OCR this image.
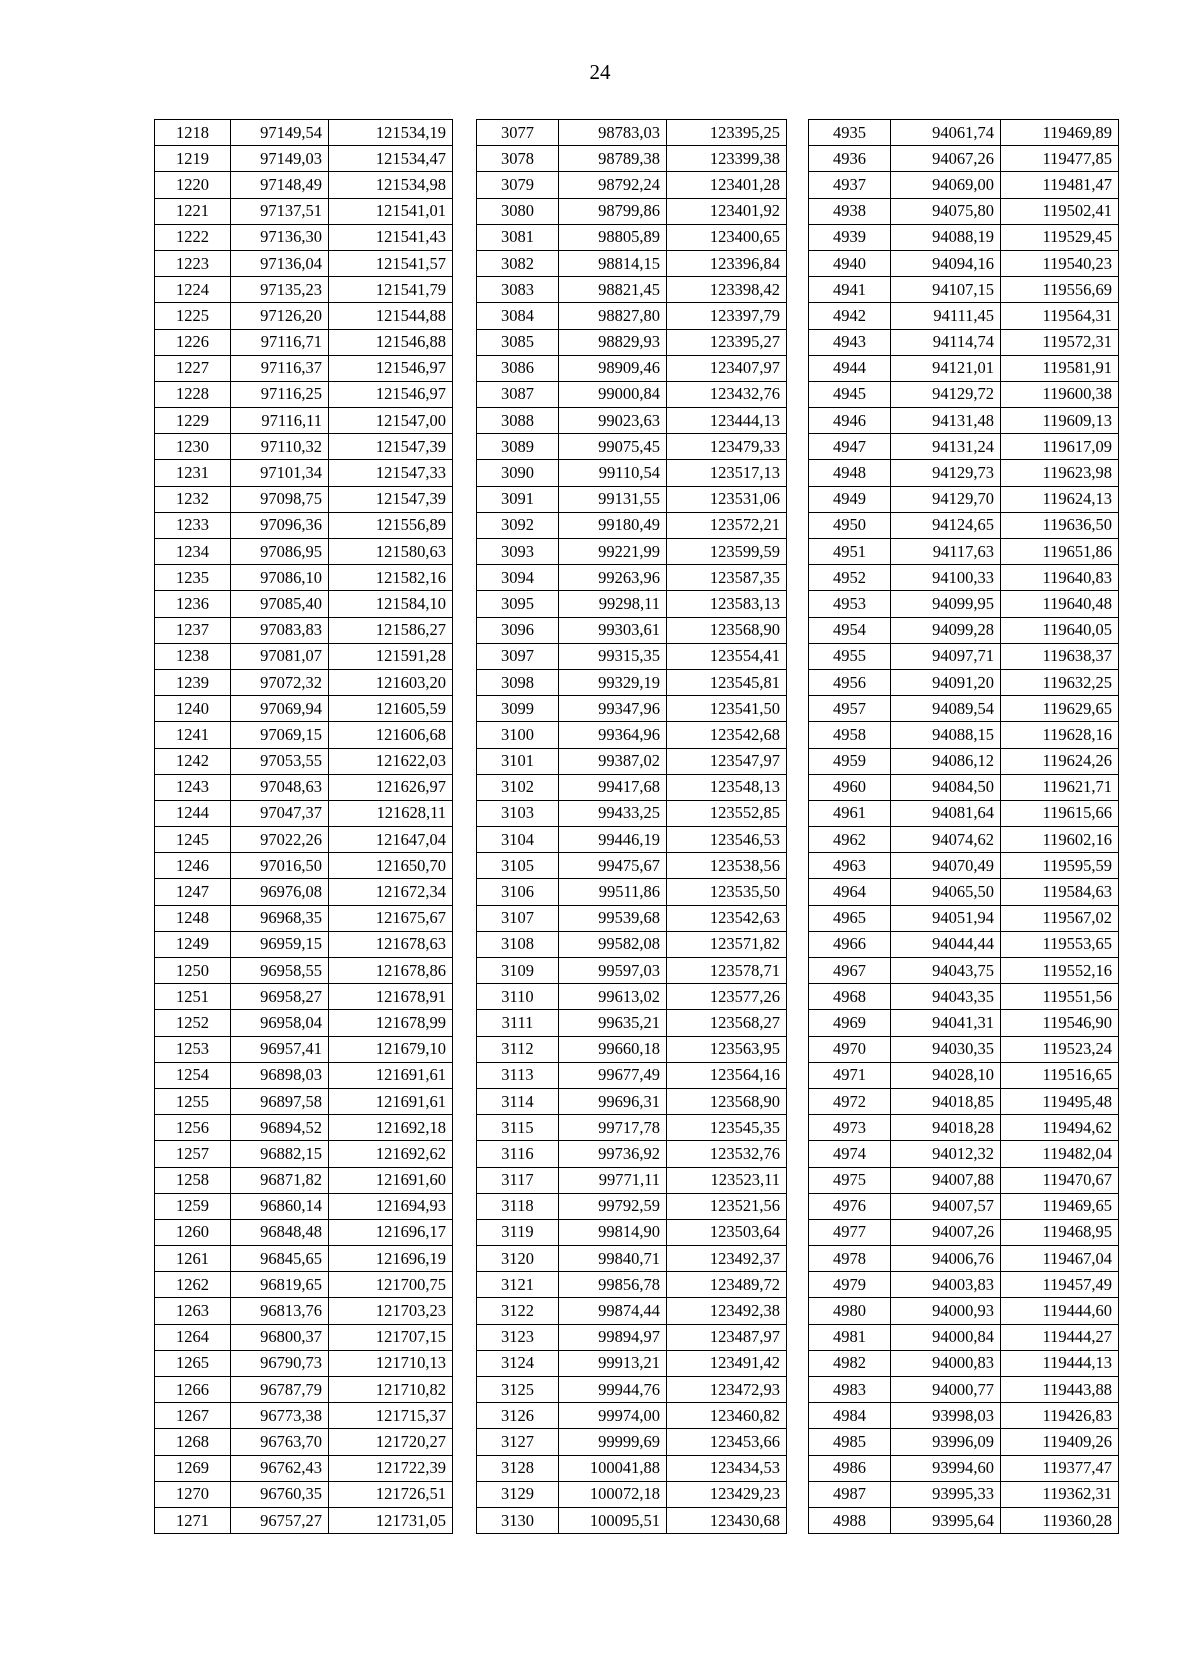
24
1218	97149,54	121534,19
1219	97149,03	121534,47
1220	97148,49	121534,98
1221	97137,51	121541,01
1222	97136,30	121541,43
1223	97136,04	121541,57
1224	97135,23	121541,79
1225	97126,20	121544,88
1226	97116,71	121546,88
1227	97116,37	121546,97
1228	97116,25	121546,97
1229	97116,11	121547,00
1230	97110,32	121547,39
1231	97101,34	121547,33
1232	97098,75	121547,39
1233	97096,36	121556,89
1234	97086,95	121580,63
1235	97086,10	121582,16
1236	97085,40	121584,10
1237	97083,83	121586,27
1238	97081,07	121591,28
1239	97072,32	121603,20
1240	97069,94	121605,59
1241	97069,15	121606,68
1242	97053,55	121622,03
1243	97048,63	121626,97
1244	97047,37	121628,11
1245	97022,26	121647,04
1246	97016,50	121650,70
1247	96976,08	121672,34
1248	96968,35	121675,67
1249	96959,15	121678,63
1250	96958,55	121678,86
1251	96958,27	121678,91
1252	96958,04	121678,99
1253	96957,41	121679,10
1254	96898,03	121691,61
1255	96897,58	121691,61
1256	96894,52	121692,18
1257	96882,15	121692,62
1258	96871,82	121691,60
1259	96860,14	121694,93
1260	96848,48	121696,17
1261	96845,65	121696,19
1262	96819,65	121700,75
1263	96813,76	121703,23
1264	96800,37	121707,15
1265	96790,73	121710,13
1266	96787,79	121710,82
1267	96773,38	121715,37
1268	96763,70	121720,27
1269	96762,43	121722,39
1270	96760,35	121726,51
1271	96757,27	121731,05
3077	98783,03	123395,25
3078	98789,38	123399,38
3079	98792,24	123401,28
3080	98799,86	123401,92
3081	98805,89	123400,65
3082	98814,15	123396,84
3083	98821,45	123398,42
3084	98827,80	123397,79
3085	98829,93	123395,27
3086	98909,46	123407,97
3087	99000,84	123432,76
3088	99023,63	123444,13
3089	99075,45	123479,33
3090	99110,54	123517,13
3091	99131,55	123531,06
3092	99180,49	123572,21
3093	99221,99	123599,59
3094	99263,96	123587,35
3095	99298,11	123583,13
3096	99303,61	123568,90
3097	99315,35	123554,41
3098	99329,19	123545,81
3099	99347,96	123541,50
3100	99364,96	123542,68
3101	99387,02	123547,97
3102	99417,68	123548,13
3103	99433,25	123552,85
3104	99446,19	123546,53
3105	99475,67	123538,56
3106	99511,86	123535,50
3107	99539,68	123542,63
3108	99582,08	123571,82
3109	99597,03	123578,71
3110	99613,02	123577,26
3111	99635,21	123568,27
3112	99660,18	123563,95
3113	99677,49	123564,16
3114	99696,31	123568,90
3115	99717,78	123545,35
3116	99736,92	123532,76
3117	99771,11	123523,11
3118	99792,59	123521,56
3119	99814,90	123503,64
3120	99840,71	123492,37
3121	99856,78	123489,72
3122	99874,44	123492,38
3123	99894,97	123487,97
3124	99913,21	123491,42
3125	99944,76	123472,93
3126	99974,00	123460,82
3127	99999,69	123453,66
3128	100041,88	123434,53
3129	100072,18	123429,23
3130	100095,51	123430,68
4935	94061,74	119469,89
4936	94067,26	119477,85
4937	94069,00	119481,47
4938	94075,80	119502,41
4939	94088,19	119529,45
4940	94094,16	119540,23
4941	94107,15	119556,69
4942	94111,45	119564,31
4943	94114,74	119572,31
4944	94121,01	119581,91
4945	94129,72	119600,38
4946	94131,48	119609,13
4947	94131,24	119617,09
4948	94129,73	119623,98
4949	94129,70	119624,13
4950	94124,65	119636,50
4951	94117,63	119651,86
4952	94100,33	119640,83
4953	94099,95	119640,48
4954	94099,28	119640,05
4955	94097,71	119638,37
4956	94091,20	119632,25
4957	94089,54	119629,65
4958	94088,15	119628,16
4959	94086,12	119624,26
4960	94084,50	119621,71
4961	94081,64	119615,66
4962	94074,62	119602,16
4963	94070,49	119595,59
4964	94065,50	119584,63
4965	94051,94	119567,02
4966	94044,44	119553,65
4967	94043,75	119552,16
4968	94043,35	119551,56
4969	94041,31	119546,90
4970	94030,35	119523,24
4971	94028,10	119516,65
4972	94018,85	119495,48
4973	94018,28	119494,62
4974	94012,32	119482,04
4975	94007,88	119470,67
4976	94007,57	119469,65
4977	94007,26	119468,95
4978	94006,76	119467,04
4979	94003,83	119457,49
4980	94000,93	119444,60
4981	94000,84	119444,27
4982	94000,83	119444,13
4983	94000,77	119443,88
4984	93998,03	119426,83
4985	93996,09	119409,26
4986	93994,60	119377,47
4987	93995,33	119362,31
4988	93995,64	119360,28
